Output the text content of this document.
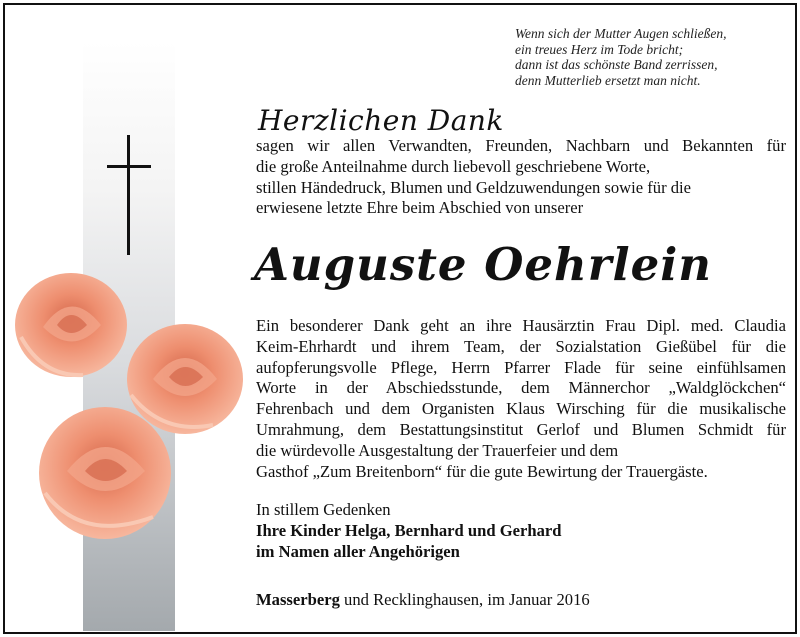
Wenn sich der Mutter Augen schließen,
ein treues Herz im Tode bricht;
dann ist das schönste Band zerrissen,
denn Mutterlieb ersetzt man nicht.
Herzlichen Dank
sagen wir allen Verwandten, Freunden, Nachbarn und Bekannten für
die große Anteilnahme durch liebevoll geschriebene Worte,
stillen Händedruck, Blumen und Geldzuwendungen sowie für die
erwiesene letzte Ehre beim Abschied von unserer
Auguste Oehrlein
Ein besonderer Dank geht an ihre Hausärztin Frau Dipl. med. Claudia
Keim-Ehrhardt und ihrem Team, der Sozialstation Gießübel für die
aufopferungsvolle Pflege, Herrn Pfarrer Flade für seine einfühlsamen
Worte in der Abschiedsstunde, dem Männerchor „Waldglöckchen“
Fehrenbach und dem Organisten Klaus Wirsching für die musikalische
Umrahmung, dem Bestattungsinstitut Gerlof und Blumen Schmidt für
die würdevolle Ausgestaltung der Trauerfeier und dem
Gasthof „Zum Breitenborn“ für die gute Bewirtung der Trauergäste.
In stillem Gedenken
Ihre Kinder Helga, Bernhard und Gerhard
im Namen aller Angehörigen
Masserberg und Recklinghausen, im Januar 2016
